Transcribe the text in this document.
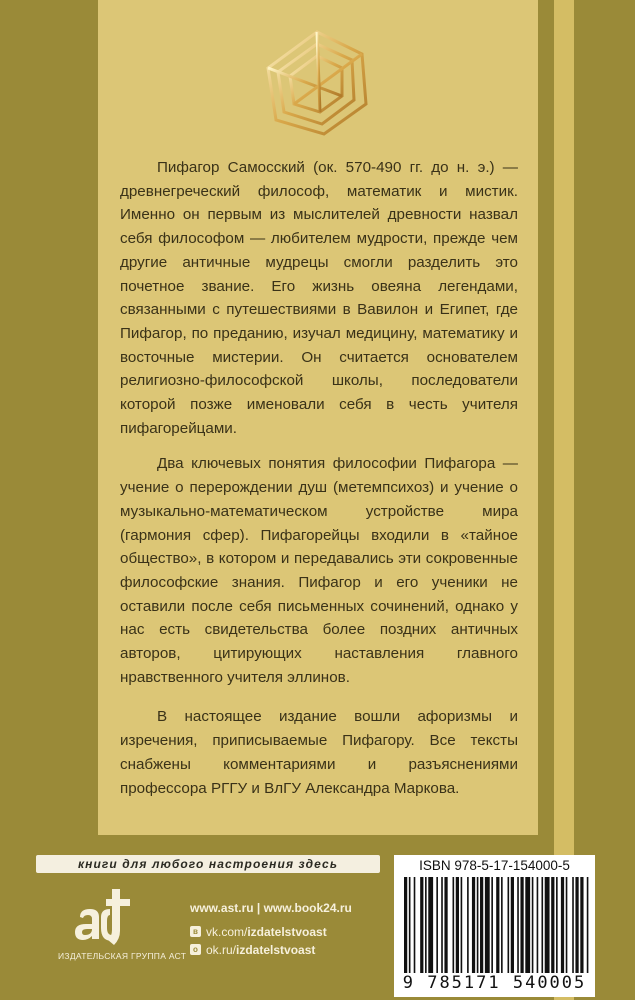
Пифагор Самосский (ок. 570-490 гг. до н. э.) — древнегреческий философ, математик и мистик. Именно он первым из мыслителей древности назвал себя философом — любителем мудрости, прежде чем другие античные мудрецы смогли разделить это почетное звание. Его жизнь овеяна легендами, связанными с путешествиями в Вавилон и Египет, где Пифагор, по преданию, изучал медицину, математику и восточные мистерии. Он считается основателем религиозно-философской школы, последователи которой позже именовали себя в честь учителя пифагорейцами.

Два ключевых понятия философии Пифагора — учение о перерождении душ (метемпсихоз) и учение о музыкально-математическом устройстве мира (гармония сфер). Пифагорейцы входили в «тайное общество», в котором и передавались эти сокровенные философские знания. Пифагор и его ученики не оставили после себя письменных сочинений, однако у нас есть свидетельства более поздних античных авторов, цитирующих наставления главного нравственного учителя эллинов.

В настоящее издание вошли афоризмы и изречения, приписываемые Пифагору. Все тексты снабжены комментариями и разъяснениями профессора РГГУ и ВлГУ Александра Маркова.

книги для любого настроения здесь
ИЗДАТЕЛЬСКАЯ ГРУППА АСТ
www.ast.ru | www.book24.ru
в vk.com/izdatelstvoast
о ok.ru/izdatelstvoast
ISBN 978-5-17-154000-5
9 785171 540005
